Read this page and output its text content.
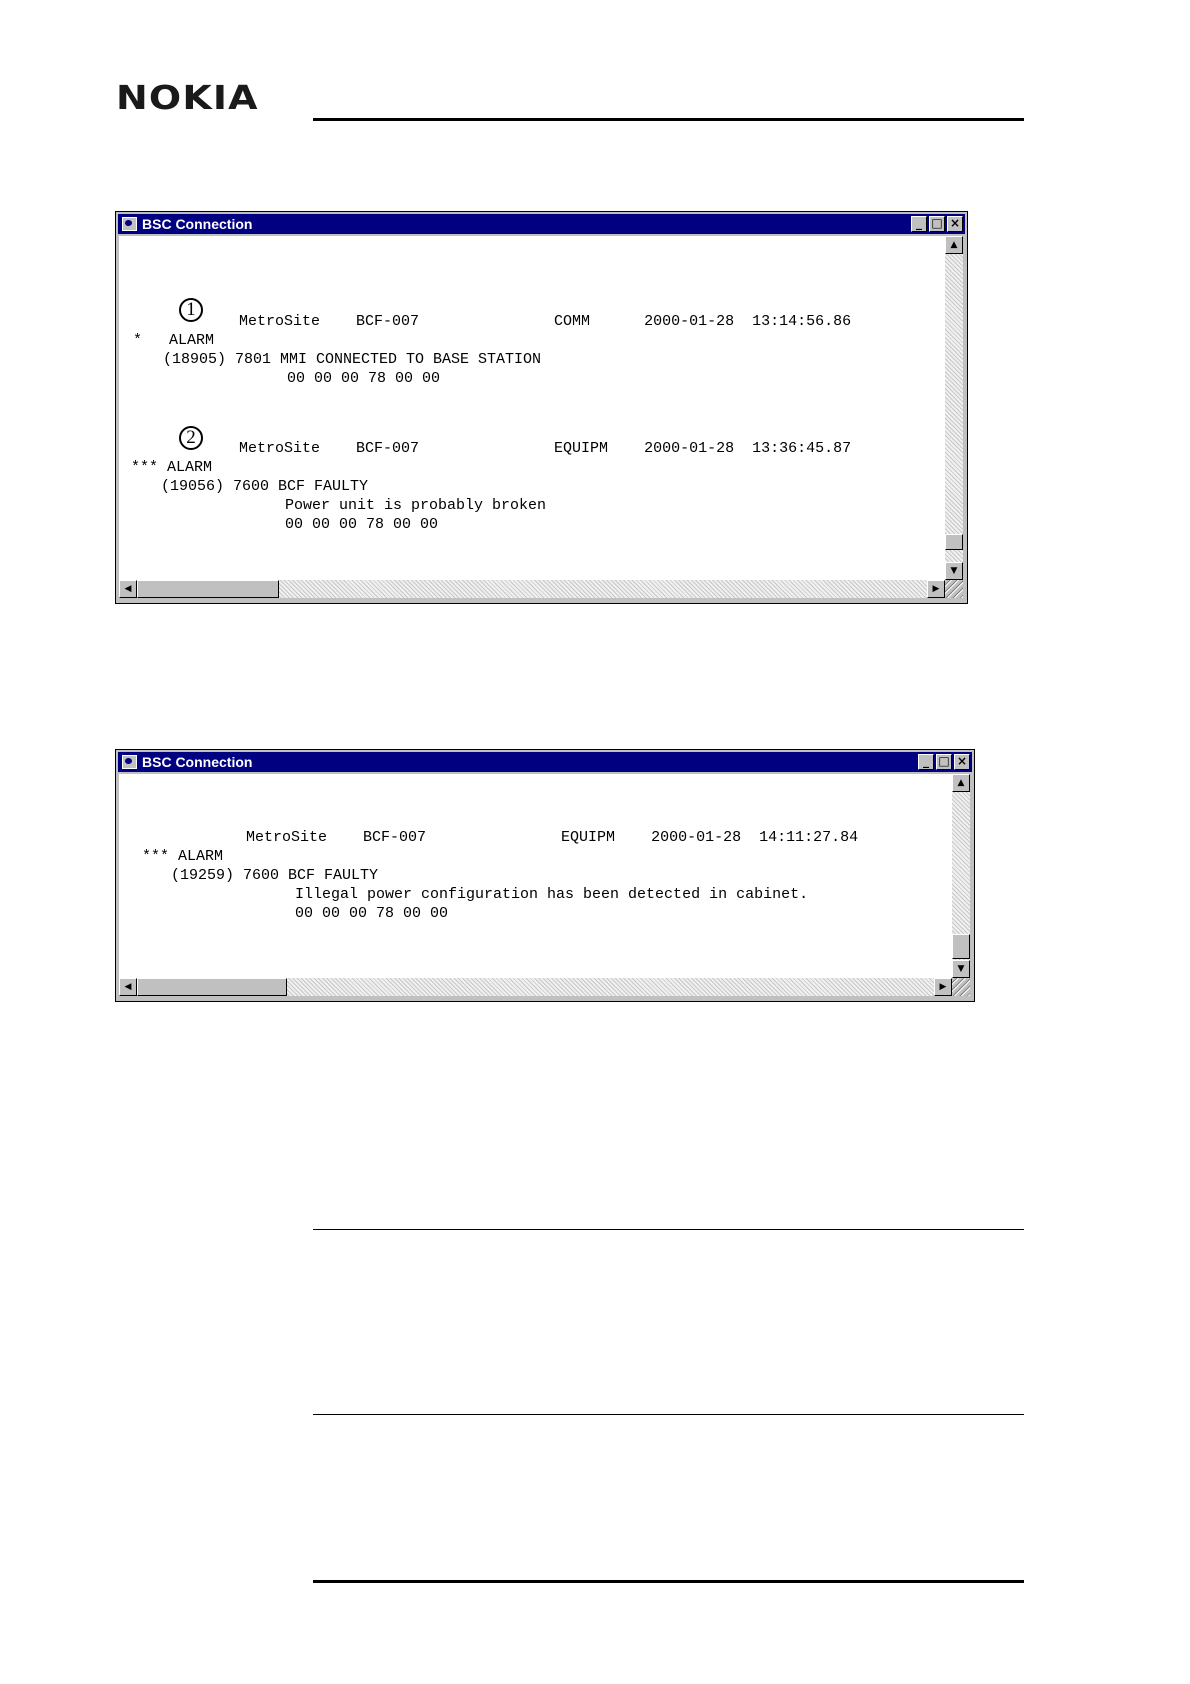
NOKIA
BSC Connection	_ □ ×
1
MetroSite    BCF-007               COMM      2000-01-28  13:14:56.86
*   ALARM
(18905) 7801 MMI CONNECTED TO BASE STATION
00 00 00 78 00 00
2
MetroSite    BCF-007               EQUIPM    2000-01-28  13:36:45.87
*** ALARM
(19056) 7600 BCF FAULTY
Power unit is probably broken
00 00 00 78 00 00
▲
▼
◀	▶
BSC Connection	_ □ ×
MetroSite    BCF-007               EQUIPM    2000-01-28  14:11:27.84
*** ALARM
(19259) 7600 BCF FAULTY
Illegal power configuration has been detected in cabinet.
00 00 00 78 00 00
▲
▼
◀	▶
